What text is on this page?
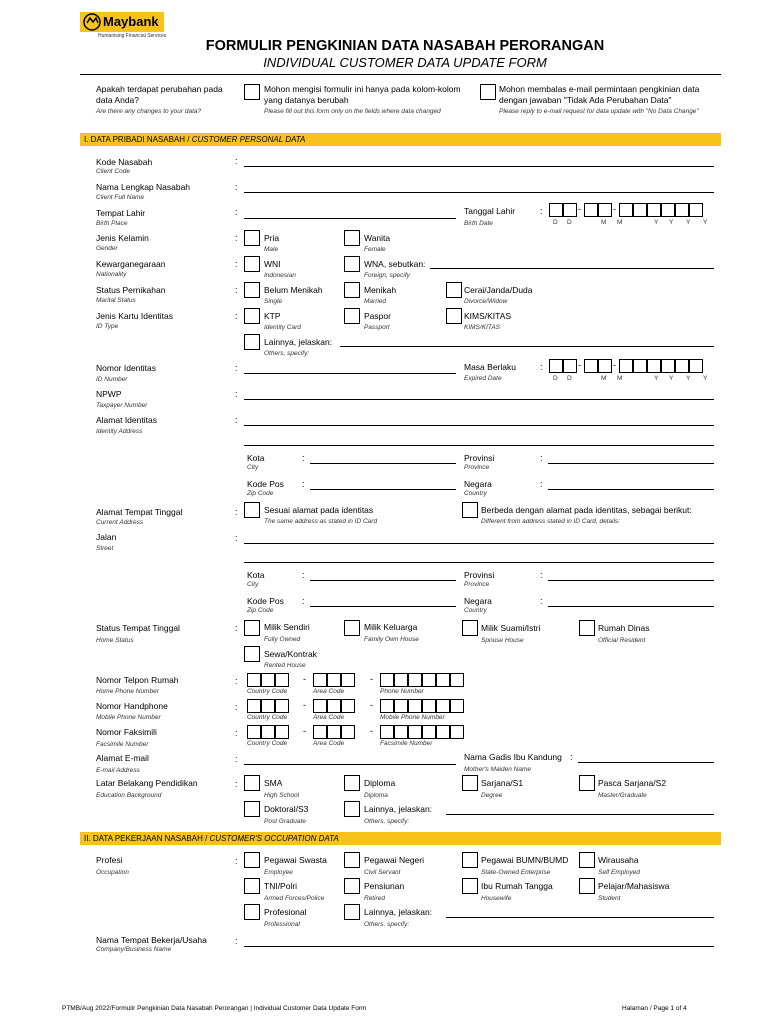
Maybank
Humanising Financial Services
FORMULIR PENGKINIAN DATA NASABAH PERORANGAN
INDIVIDUAL CUSTOMER DATA UPDATE FORM
Apakah terdapat perubahan pada
data Anda?
Are there any changes to your data?
Mohon mengisi formulir ini hanya pada kolom-kolom
yang datanya berubah
Please fill out this form only on the fields where data changed
Mohon membalas e-mail permintaan pengkinian data
dengan jawaban "Tidak Ada Perubahan Data"
Please reply to e-mail request for data update with "No Data Change"
I. DATA PRIBADI NASABAH / CUSTOMER PERSONAL DATA
Kode Nasabah
Client Code
:
Nama Lengkap Nasabah
Client Full Name
:
Tempat Lahir
Birth Place
:	Tanggal Lahir
Birth Date
:	-	-
D D	M M	Y Y Y Y
Jenis Kelamin
Gender
:	Pria
Male
Wanita
Female
Kewarganegaraan
Nationality
:	WNI
Indonesian
WNA, sebutkan:
Foreign, specify
Status Pernikahan
Marital Status
:	Belum Menikah
Single
Menikah
Married
Cerai/Janda/Duda
Divorce/Widow
Jenis Kartu Identitas
ID Type
:	KTP
Identity Card
Paspor
Passport
KIMS/KITAS
KIMS/KITAS
Lainnya, jelaskan:
Others, specify:
Nomor Identitas
ID Number
:	Masa Berlaku
Expired Date
:	-	-
D D	M M	Y Y Y Y
NPWP
Taxpayer Number
:
Alamat Identitas
Identity Address
:
Kota
City
:	Provinsi
Province
:
Kode Pos
Zip Code
:	Negara
Country
:
Alamat Tempat Tinggal
Current Address
:	Sesuai alamat pada identitas
The same address as stated in ID Card
Berbeda dengan alamat pada identitas, sebagai berikut:
Different from address stated in ID Card, details:
Jalan
Street
:
Kota
City
:	Provinsi
Province
:
Kode Pos
Zip Code
:	Negara
Country
:
Status Tempat Tinggal
Home Status
:	Milik Sendiri
Fully Owned
Milik Keluarga
Family Own House
Milik Suami/Istri
Spouse House
Rumah Dinas
Official Resident
Sewa/Kontrak
Rented House
Nomor Telpon Rumah
Home Phone Number
:	-	-
Country Code	Area Code	Phone Number
Nomor Handphone
Mobile Phone Number
:	-	-
Country Code	Area Code	Mobile Phone Number
Nomor Faksimili
Facsimile Number
:	-	-
Country Code	Area Code	Facsimile Number
Alamat E-mail
E-mail Address
:	Nama Gadis Ibu Kandung
Mother's Maiden Name
:
Latar Belakang Pendidikan
Education Background
:	SMA
High School
Diploma
Diploma
Sarjana/S1
Degree
Pasca Sarjana/S2
Master/Graduate
Doktoral/S3
Post Graduate
Lainnya, jelaskan:
Others, specify:
II. DATA PEKERJAAN NASABAH / CUSTOMER'S OCCUPATION DATA
Profesi
Occupation
:	Pegawai Swasta
Employee
Pegawai Negeri
Civil Servant
Pegawai BUMN/BUMD
State-Owned Enterprise
Wirausaha
Self Employed
TNI/Polri
Armed Forces/Police
Pensiunan
Retired
Ibu Rumah Tangga
Housewife
Pelajar/Mahasiswa
Student
Profesional
Professional
Lainnya, jelaskan:
Others, specify:
Nama Tempat Bekerja/Usaha
Company/Business Name
:
PTMB/Aug 2022/Formulir Pengkinian Data Nasabah Perorangan | Individual Customer Data Update Form	Halaman / Page 1 of 4
